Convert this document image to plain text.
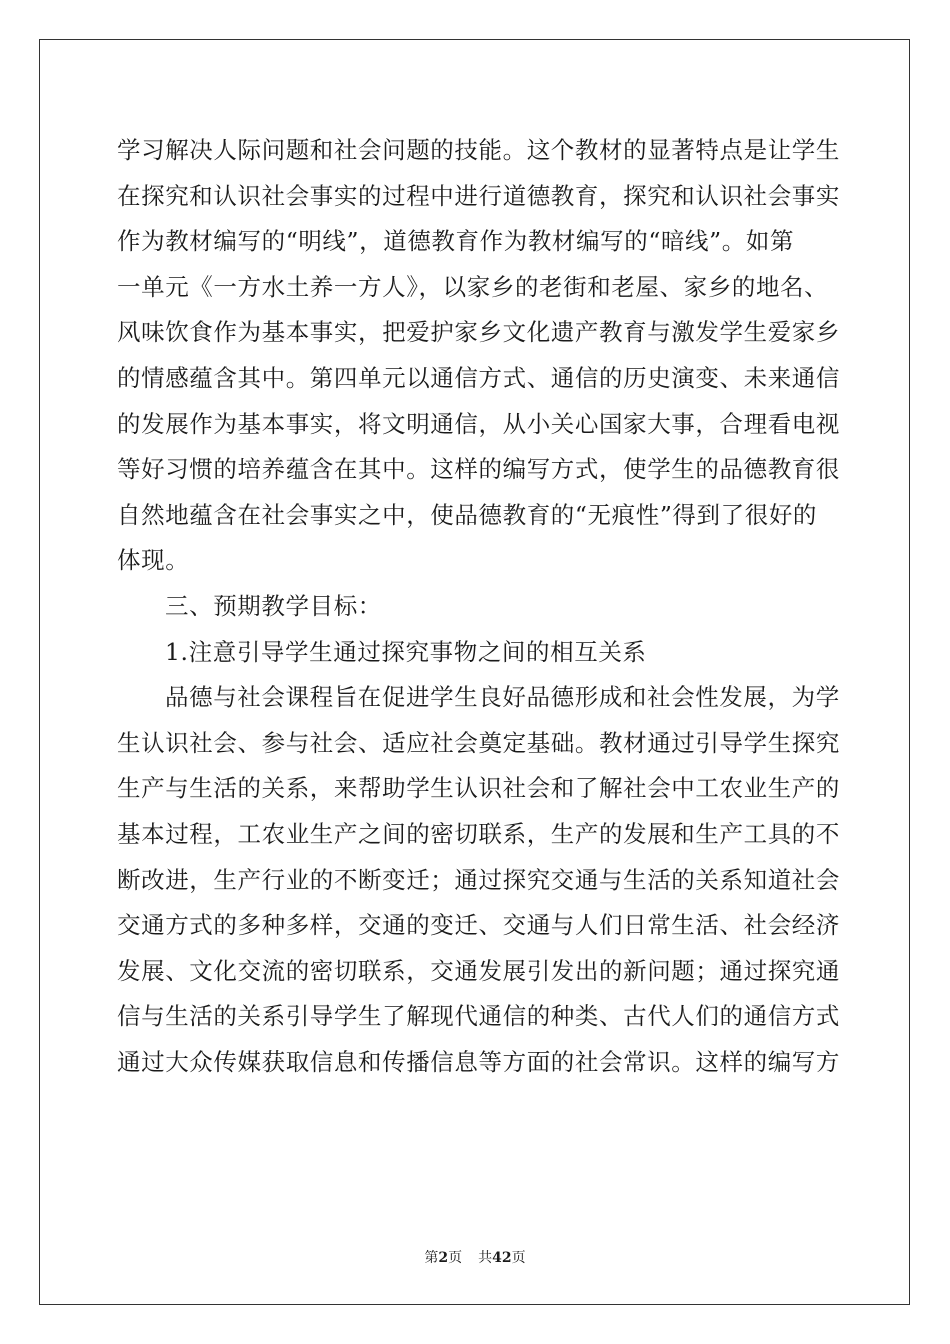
学习解决人际问题和社会问题的技能。这个教材的显著特点是让学生
在探究和认识社会事实的过程中进行道德教育，探究和认识社会事实
作为教材编写的“明线”，道德教育作为教材编写的“暗线”。如第
一单元《一方水土养一方人》，以家乡的老街和老屋、家乡的地名、
风味饮食作为基本事实，把爱护家乡文化遗产教育与激发学生爱家乡
的情感蕴含其中。第四单元以通信方式、通信的历史演变、未来通信
的发展作为基本事实，将文明通信，从小关心国家大事，合理看电视
等好习惯的培养蕴含在其中。这样的编写方式，使学生的品德教育很
自然地蕴含在社会事实之中，使品德教育的“无痕性”得到了很好的
体现。
三、预期教学目标：
1.注意引导学生通过探究事物之间的相互关系
品德与社会课程旨在促进学生良好品德形成和社会性发展，为学
生认识社会、参与社会、适应社会奠定基础。教材通过引导学生探究
生产与生活的关系，来帮助学生认识社会和了解社会中工农业生产的
基本过程，工农业生产之间的密切联系，生产的发展和生产工具的不
断改进，生产行业的不断变迁；通过探究交通与生活的关系知道社会
交通方式的多种多样，交通的变迁、交通与人们日常生活、社会经济
发展、文化交流的密切联系，交通发展引发出的新问题；通过探究通
信与生活的关系引导学生了解现代通信的种类、古代人们的通信方式
通过大众传媒获取信息和传播信息等方面的社会常识。这样的编写方
第2页 共42页
